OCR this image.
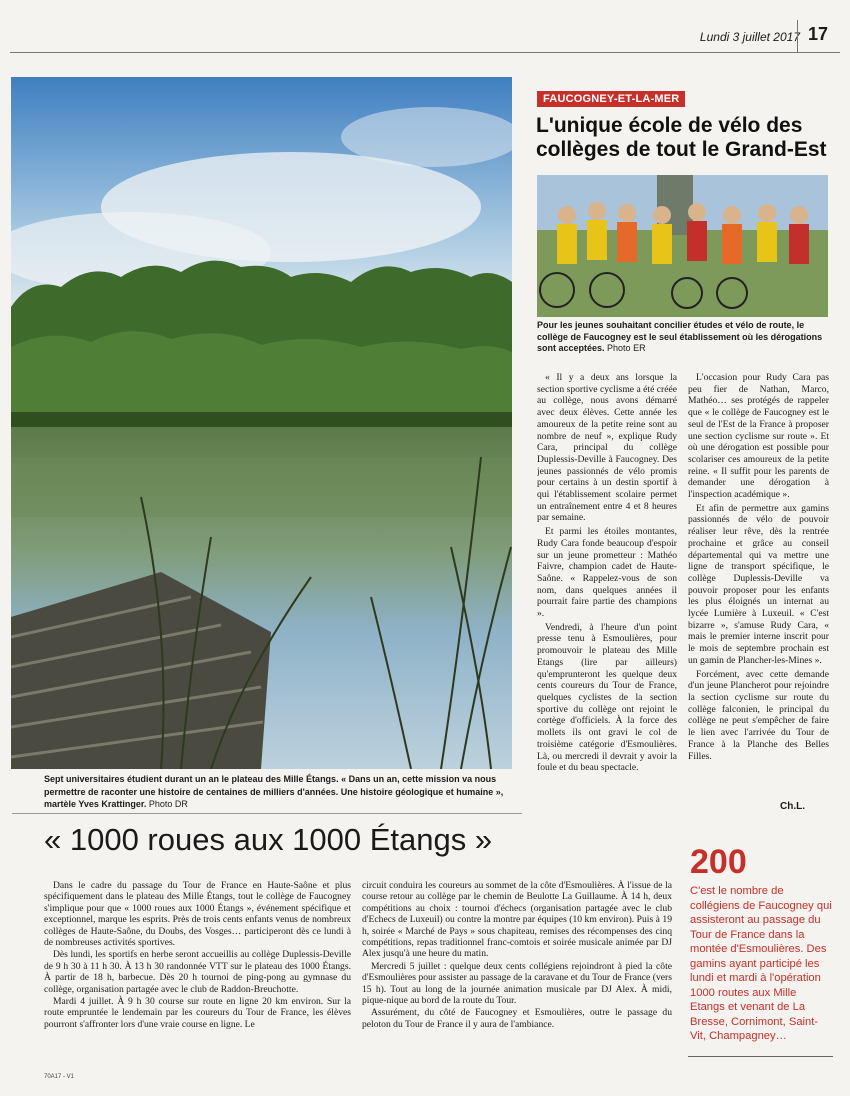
Lundi 3 juillet 2017 17
Sept universitaires étudient durant un an le plateau des Mille Étangs. « Dans un an, cette mission va nous permettre de raconter une histoire de centaines de milliers d'années. Une histoire géologique et humaine », martèle Yves Krattinger. Photo DR
FAUCOGNEY-ET-LA-MER
L'unique école de vélo des collèges de tout le Grand-Est
Pour les jeunes souhaitant concilier études et vélo de route, le collège de Faucogney est le seul établissement où les dérogations sont acceptées. Photo ER

« Il y a deux ans lorsque la section sportive cyclisme a été créée au collège, nous avons démarré avec deux élèves. Cette année les amoureux de la petite reine sont au nombre de neuf », explique Rudy Cara, principal du collège Duplessis-Deville à Faucogney. Des jeunes passionnés de vélo promis pour certains à un destin sportif à qui l'établissement scolaire permet un entraînement entre 4 et 8 heures par semaine.

Et parmi les étoiles montantes, Rudy Cara fonde beaucoup d'espoir sur un jeune prometteur : Mathéo Faivre, champion cadet de Haute-Saône. « Rappelez-vous de son nom, dans quelques années il pourrait faire partie des champions ».

Vendredi, à l'heure d'un point presse tenu à Esmoulières, pour promouvoir le plateau des Mille Etangs (lire par ailleurs) qu'emprunteront les quelque deux cents coureurs du Tour de France, quelques cyclistes de la section sportive du collège ont rejoint le cortège d'officiels. À la force des mollets ils ont gravi le col de troisième catégorie d'Esmoulières. Là, ou mercredi il devrait y avoir la foule et du beau spectacle.

L'occasion pour Rudy Cara pas peu fier de Nathan, Marco, Mathéo… ses protégés de rappeler que « le collège de Faucogney est le seul de l'Est de la France à proposer une section cyclisme sur route ». Et où une dérogation est possible pour scolariser ces amoureux de la petite reine. « Il suffit pour les parents de demander une dérogation à l'inspection académique ».

Et afin de permettre aux gamins passionnés de vélo de pouvoir réaliser leur rêve, dès la rentrée prochaine et grâce au conseil départemental qui va mettre une ligne de transport spécifique, le collège Duplessis-Deville va pouvoir proposer pour les enfants les plus éloignés un internat au lycée Lumière à Luxeuil. « C'est bizarre », s'amuse Rudy Cara, « mais le premier interne inscrit pour le mois de septembre prochain est un gamin de Plancher-les-Mines ».

Forcément, avec cette demande d'un jeune Plancherot pour rejoindre la section cyclisme sur route du collège falconien, le principal du collège ne peut s'empêcher de faire le lien avec l'arrivée du Tour de France à la Planche des Belles Filles.

Ch.L.
« 1000 roues aux 1000 Étangs »

Dans le cadre du passage du Tour de France en Haute-Saône et plus spécifiquement dans le plateau des Mille Étangs, tout le collège de Faucogney s'implique pour que « 1000 roues aux 1000 Étangs », événement spécifique et exceptionnel, marque les esprits. Près de trois cents enfants venus de nombreux collèges de Haute-Saône, du Doubs, des Vosges… participeront dès ce lundi à de nombreuses activités sportives.

Dès lundi, les sportifs en herbe seront accueillis au collège Duplessis-Deville de 9 h 30 à 11 h 30. À 13 h 30 randonnée VTT sur le plateau des 1000 Étangs. À partir de 18 h, barbecue. Dès 20 h tournoi de ping-pong au gymnase du collège, organisation partagée avec le club de Raddon-Breuchotte.

Mardi 4 juillet. À 9 h 30 course sur route en ligne 20 km environ. Sur la route empruntée le lendemain par les coureurs du Tour de France, les élèves pourront s'affronter lors d'une vraie course en ligne. Le

circuit conduira les coureurs au sommet de la côte d'Esmoulières. À l'issue de la course retour au collège par le chemin de Beulotte La Guillaume. À 14 h, deux compétitions au choix : tournoi d'échecs (organisation partagée avec le club d'Echecs de Luxeuil) ou contre la montre par équipes (10 km environ). Puis à 19 h, soirée « Marché de Pays » sous chapiteau, remises des récompenses des cinq compétitions, repas traditionnel franc-comtois et soirée musicale animée par DJ Alex jusqu'à une heure du matin.

Mercredi 5 juillet : quelque deux cents collégiens rejoindront à pied la côte d'Esmoulières pour assister au passage de la caravane et du Tour de France (vers 15 h). Tout au long de la journée animation musicale par DJ Alex. À midi, pique-nique au bord de la route du Tour.

Assurément, du côté de Faucogney et Esmoulières, outre le passage du peloton du Tour de France il y aura de l'ambiance.

200
C'est le nombre de collégiens de Faucogney qui assisteront au passage du Tour de France dans la montée d'Esmoulières. Des gamins ayant participé les lundi et mardi à l'opération 1000 routes aux Mille Etangs et venant de La Bresse, Cornimont, Saint-Vit, Champagney…
70A17 - V1
